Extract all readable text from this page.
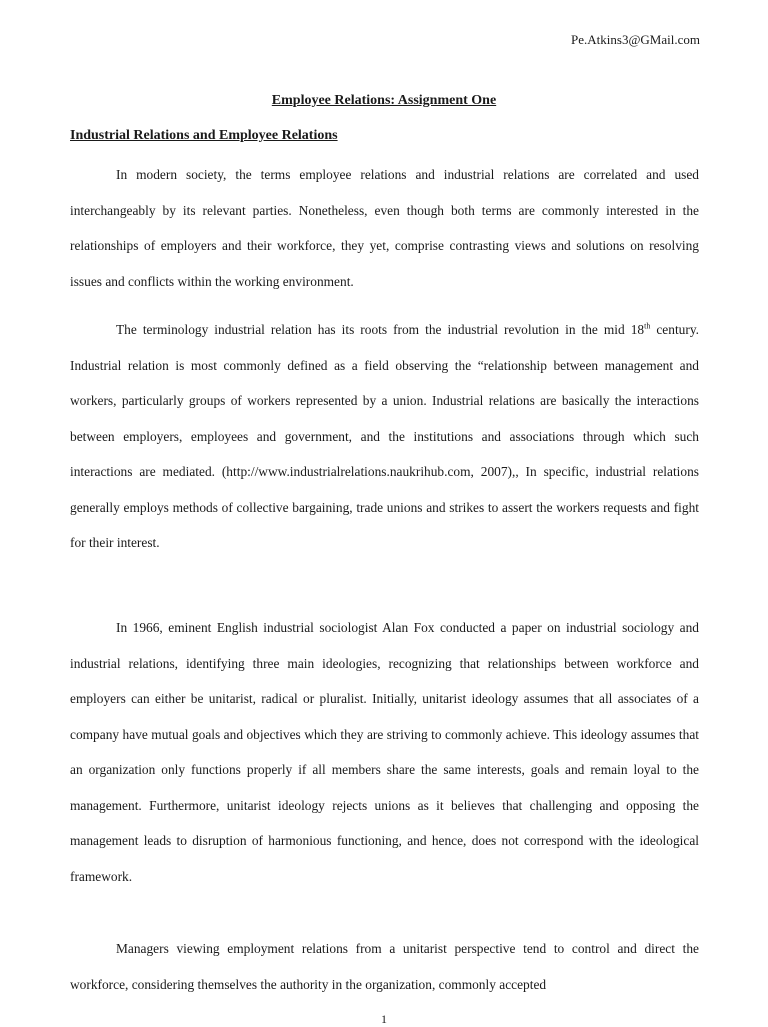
Pe.Atkins3@GMail.com
Employee Relations: Assignment One
Industrial Relations and Employee Relations

In modern society, the terms employee relations and industrial relations are correlated and used interchangeably by its relevant parties. Nonetheless, even though both terms are commonly interested in the relationships of employers and their workforce, they yet, comprise contrasting views and solutions on resolving issues and conflicts within the working environment.

The terminology industrial relation has its roots from the industrial revolution in the mid 18th century. Industrial relation is most commonly defined as a field observing the “relationship between management and workers, particularly groups of workers represented by a union. Industrial relations are basically the interactions between employers, employees and government, and the institutions and associations through which such interactions are mediated. (http://www.industrialrelations.naukrihub.com, 2007),, In specific, industrial relations generally employs methods of collective bargaining, trade unions and strikes to assert the workers requests and fight for their interest.

In 1966, eminent English industrial sociologist Alan Fox conducted a paper on industrial sociology and industrial relations, identifying three main ideologies, recognizing that relationships between workforce and employers can either be unitarist, radical or pluralist. Initially, unitarist ideology assumes that all associates of a company have mutual goals and objectives which they are striving to commonly achieve. This ideology assumes that an organization only functions properly if all members share the same interests, goals and remain loyal to the management. Furthermore, unitarist ideology rejects unions as it believes that challenging and opposing the management leads to disruption of harmonious functioning, and hence, does not correspond with the ideological framework.

Managers viewing employment relations from a unitarist perspective tend to control and direct the workforce, considering themselves the authority in the organization, commonly accepted

1
